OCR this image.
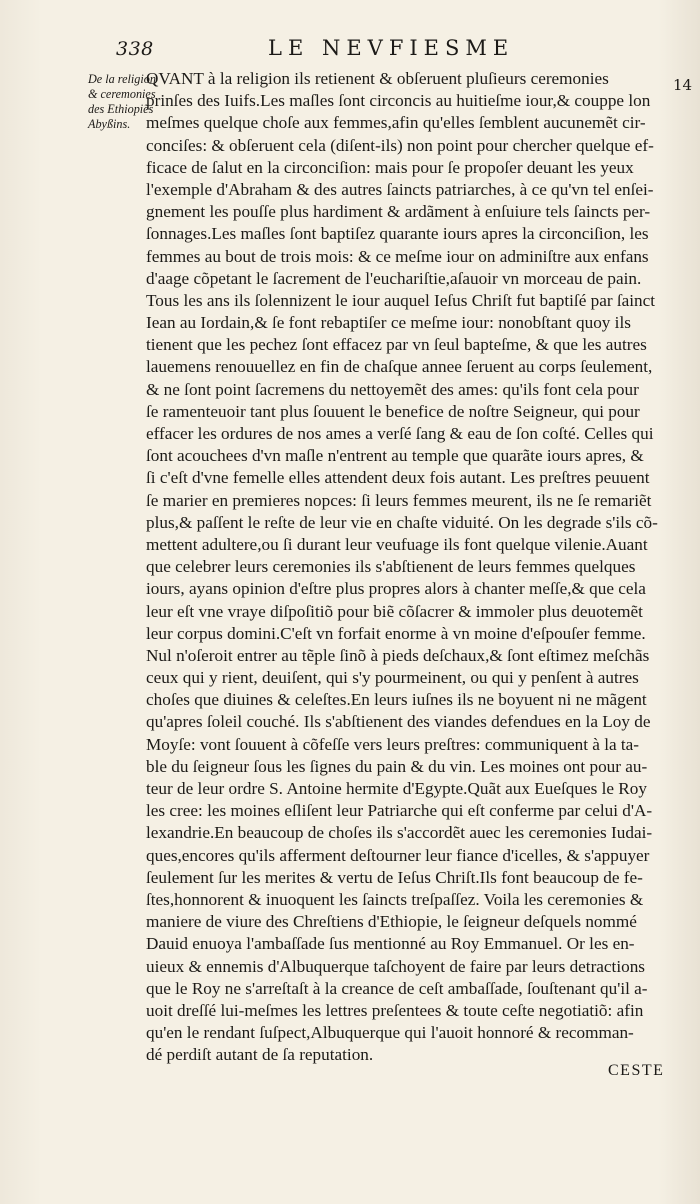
338	LE NEVFIESME
De la religion
& ceremonies
des Ethiopiẽs
Abyßins.
14
QVANT à la religion ils retienent & obſeruent pluſieurs ceremonies
prinſes des Iuifs.Les maſles ſont circoncis au huitieſme iour,& couppe lon
meſmes quelque choſe aux femmes,afin qu'elles ſemblent aucunemẽt cir-
conciſes: & obſeruent cela (diſent-ils) non point pour chercher quelque ef-
ficace de ſalut en la circonciſion: mais pour ſe propoſer deuant les yeux
l'exemple d'Abraham & des autres ſaincts patriarches, à ce qu'vn tel enſei-
gnement les pouſſe plus hardiment & ardãment à enſuiure tels ſaincts per-
ſonnages.Les maſles ſont baptiſez quarante iours apres la circonciſion, les
femmes au bout de trois mois: & ce meſme iour on adminiſtre aux enfans
d'aage cõpetant le ſacrement de l'euchariſtie,aſauoir vn morceau de pain.
Tous les ans ils ſolennizent le iour auquel Ieſus Chriſt fut baptiſé par ſainct
Iean au Iordain,& ſe font rebaptiſer ce meſme iour: nonobſtant quoy ils
tienent que les pechez ſont effacez par vn ſeul bapteſme, & que les autres
lauemens renouuellez en fin de chaſque annee ſeruent au corps ſeulement,
& ne ſont point ſacremens du nettoyemẽt des ames: qu'ils font cela pour
ſe ramenteuoir tant plus ſouuent le benefice de noſtre Seigneur, qui pour
effacer les ordures de nos ames a verſé ſang & eau de ſon coſté. Celles qui
ſont acouchees d'vn maſle n'entrent au temple que quarãte iours apres, &
ſi c'eſt d'vne femelle elles attendent deux fois autant. Les preſtres peuuent
ſe marier en premieres nopces: ſi leurs femmes meurent, ils ne ſe remariẽt
plus,& paſſent le reſte de leur vie en chaſte viduité. On les degrade s'ils cõ-
mettent adultere,ou ſi durant leur veufuage ils font quelque vilenie.Auant
que celebrer leurs ceremonies ils s'abſtienent de leurs femmes quelques
iours, ayans opinion d'eſtre plus propres alors à chanter meſſe,& que cela
leur eſt vne vraye diſpoſitiõ pour biẽ cõſacrer & immoler plus deuotemẽt
leur corpus domini.C'eſt vn forfait enorme à vn moine d'eſpouſer femme.
Nul n'oſeroit entrer au tẽple ſinõ à pieds deſchaux,& ſont eſtimez meſchãs
ceux qui y rient, deuiſent, qui s'y pourmeinent, ou qui y penſent à autres
choſes que diuines & celeſtes.En leurs iuſnes ils ne boyuent ni ne mãgent
qu'apres ſoleil couché. Ils s'abſtienent des viandes defendues en la Loy de
Moyſe: vont ſouuent à cõfeſſe vers leurs preſtres: communiquent à la ta-
ble du ſeigneur ſous les ſignes du pain & du vin. Les moines ont pour au-
teur de leur ordre S. Antoine hermite d'Egypte.Quãt aux Eueſques le Roy
les cree: les moines eſliſent leur Patriarche qui eſt conferme par celui d'A-
lexandrie.En beaucoup de choſes ils s'accordẽt auec les ceremonies Iudai-
ques,encores qu'ils afferment deſtourner leur fiance d'icelles, & s'appuyer
ſeulement ſur les merites & vertu de Ieſus Chriſt.Ils font beaucoup de fe-
ſtes,honnorent & inuoquent les ſaincts treſpaſſez. Voila les ceremonies &
maniere de viure des Chreſtiens d'Ethiopie, le ſeigneur deſquels nommé
Dauid enuoya l'ambaſſade ſus mentionné au Roy Emmanuel. Or les en-
uieux & ennemis d'Albuquerque taſchoyent de faire par leurs detractions
que le Roy ne s'arreſtaſt à la creance de ceſt ambaſſade, ſouſtenant qu'il a-
uoit dreſſé lui-meſmes les lettres preſentees & toute ceſte negotiatiõ: afin
qu'en le rendant ſuſpect,Albuquerque qui l'auoit honnoré & recomman-
dé perdiſt autant de ſa reputation.
CESTE
